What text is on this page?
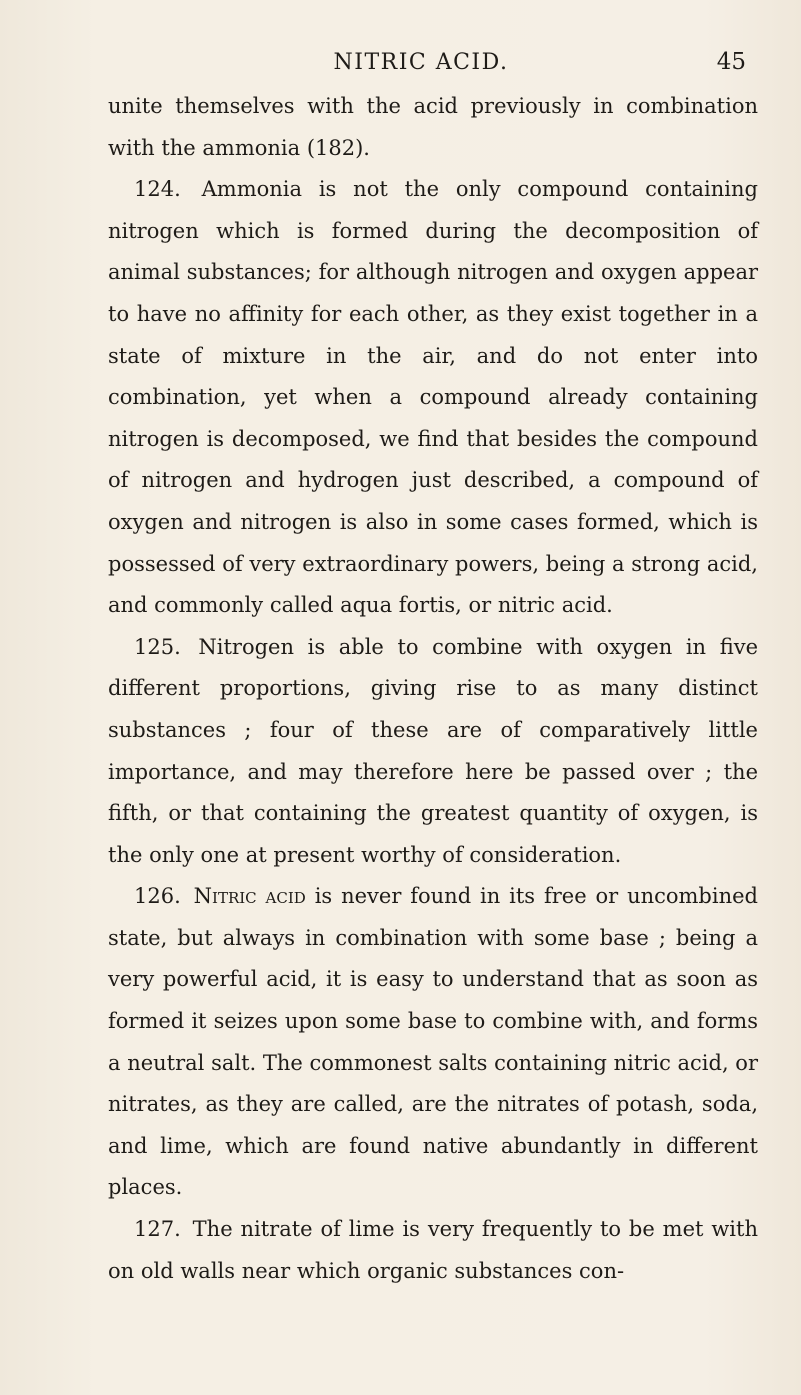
NITRIC ACID.	45

unite themselves with the acid previously in combination with the ammonia (182).

124. Ammonia is not the only compound containing nitrogen which is formed during the decomposition of animal substances; for although nitrogen and oxygen appear to have no affinity for each other, as they exist together in a state of mixture in the air, and do not enter into combination, yet when a compound already containing nitrogen is decomposed, we find that besides the compound of nitrogen and hydrogen just described, a compound of oxygen and nitrogen is also in some cases formed, which is possessed of very extraordinary powers, being a strong acid, and commonly called aqua fortis, or nitric acid.

125. Nitrogen is able to combine with oxygen in five different proportions, giving rise to as many distinct substances ; four of these are of comparatively little importance, and may therefore here be passed over ; the fifth, or that containing the greatest quantity of oxygen, is the only one at present worthy of consideration.

126. Nitric acid is never found in its free or uncombined state, but always in combination with some base ; being a very powerful acid, it is easy to understand that as soon as formed it seizes upon some base to combine with, and forms a neutral salt. The commonest salts containing nitric acid, or nitrates, as they are called, are the nitrates of potash, soda, and lime, which are found native abundantly in different places.

127. The nitrate of lime is very frequently to be met with on old walls near which organic substances con-
